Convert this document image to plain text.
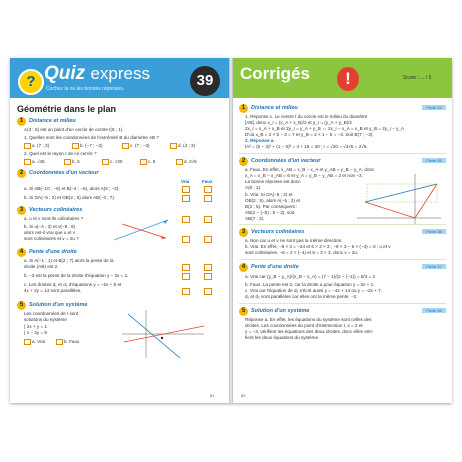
? Quiz express
Cochez la ou les bonnes réponses.	39
Géométrie dans le plan
1	Distance et milieu
A(3 ; 5) est un point d'un cercle de centre I(5 ; 1).
1. Quelles sont les coordonnées de l'extrémité B du diamètre AB ?
a. (7 ; 3)	b. (−7 ; −3)	c. (7 ; −3)	d. (4 ; 3)
2. Quel est le rayon r de ce cercle ?
a. √45	b. 5	c. √20	c. 6	d. 2√5
2	Coordonnées d'un vecteur
Vrai	Faux
a. Si AB(−10 ; −8) et B(−4 ; −6), alors A(6 ; −2).
b. Si OA(−5 ; 2) et OB(2 ; 5) alors AB(−3 ; 7).
3	Vecteurs colinéaires
a. u et v sont-ils colinéaires ?
b. Si u(−4 ; 3) et v(−8 ; 6)
alors est-il vrai que u et v
sont colinéaires et v = 2u ?
4	Pente d'une droite
a. Si A(−1 ; 1) et B(2 ; 7) alors la pente de la
droite (AB) est 2.
b. −3 est la pente de la droite d'équation y − 3x = 1.
c. Les droites d₁ et d₂ d'équations y = −2x + 5 et
4x + 2y = 14 sont parallèles.
5	Solution d'un système
Les coordonnées de I sont
solutions du système
{ 2x + y = 1
{ x − 2y = 8
a. Vrai	b. Faux
81
Corrigés	!	Score : ... / 5
1	Distance et milieu	Fiche 34
1. Réponse c. Le centre I du cercle est le milieu du diamètre
[AB], donc x_I = (x_A + x_B)/2 et y_I = (y_A + y_B)/2
2x_I = x_A + x_B et 2y_I = y_A + y_B ⇔ 2x_I − x_A = x_B et y_B = 2y_I − y_A
D'où x_B = 2 × 5 − 3 = 7 et y_B = 2 × 1 − 5 = −3. Soit B(7 ; −3).
2. Réponse a.
IA² = (5 − 3)² + (1 − 5)² = 4 + 16 = 20 ; r = √20 = √4×5 = 2√5.
2	Coordonnées d'un vecteur	Fiche 35
a. Faux. En effet, x_AB = x_B − x_A et y_AB = y_B − y_A, donc
x_A = x_B − x_AB = 6 et y_A = y_B − y_AB = 2 et non −2.
La bonne réponse est donc
A(6 ; 2).
b. Vrai. Si OA(−5 ; 2) et
OB(2 ; 5), alors A(−5 ; 2) et
B(2 ; 5). Par conséquent :
AB(2 − (−5) ; 5 − 2), soit
AB(7 ; 3).
3	Vecteurs colinéaires	Fiche 36
a. Non car u et v ne sont pas la même direction.
b. Vrai. En effet, −8 × 3 = −24 et 6 × 2 × 3 ; −8 × 3 − 6 × (−4) = 0 ; u et v
sont colinéaires. −8 = 2 × (−4) et 6 = 2 × 3, donc v = 2u.
4	Pente d'une droite	Fiche 37
a. Vrai car (y_B − y_A)/(x_B − x_A) = (7 − 1)/(2 − (−1)) = 6/3 = 2
b. Faux. La pente est 3, car la droite a pour équation y = 3x + 1.
c. Vrai car l'équation de d₂ s'écrit aussi y = −4x + 14 ou y = −2x + 7.
d₁ et d₂ sont parallèles car elles ont la même pente, −2.
5	Solution d'un système	Fiche 38
Réponse a. En effet, les équations du système sont celles des
droites. Les coordonnées du point d'intersection I, x = 2 et
y = −3, vérifient les équations des deux droites, donc elles véri-
fient les deux équations du système.
82
